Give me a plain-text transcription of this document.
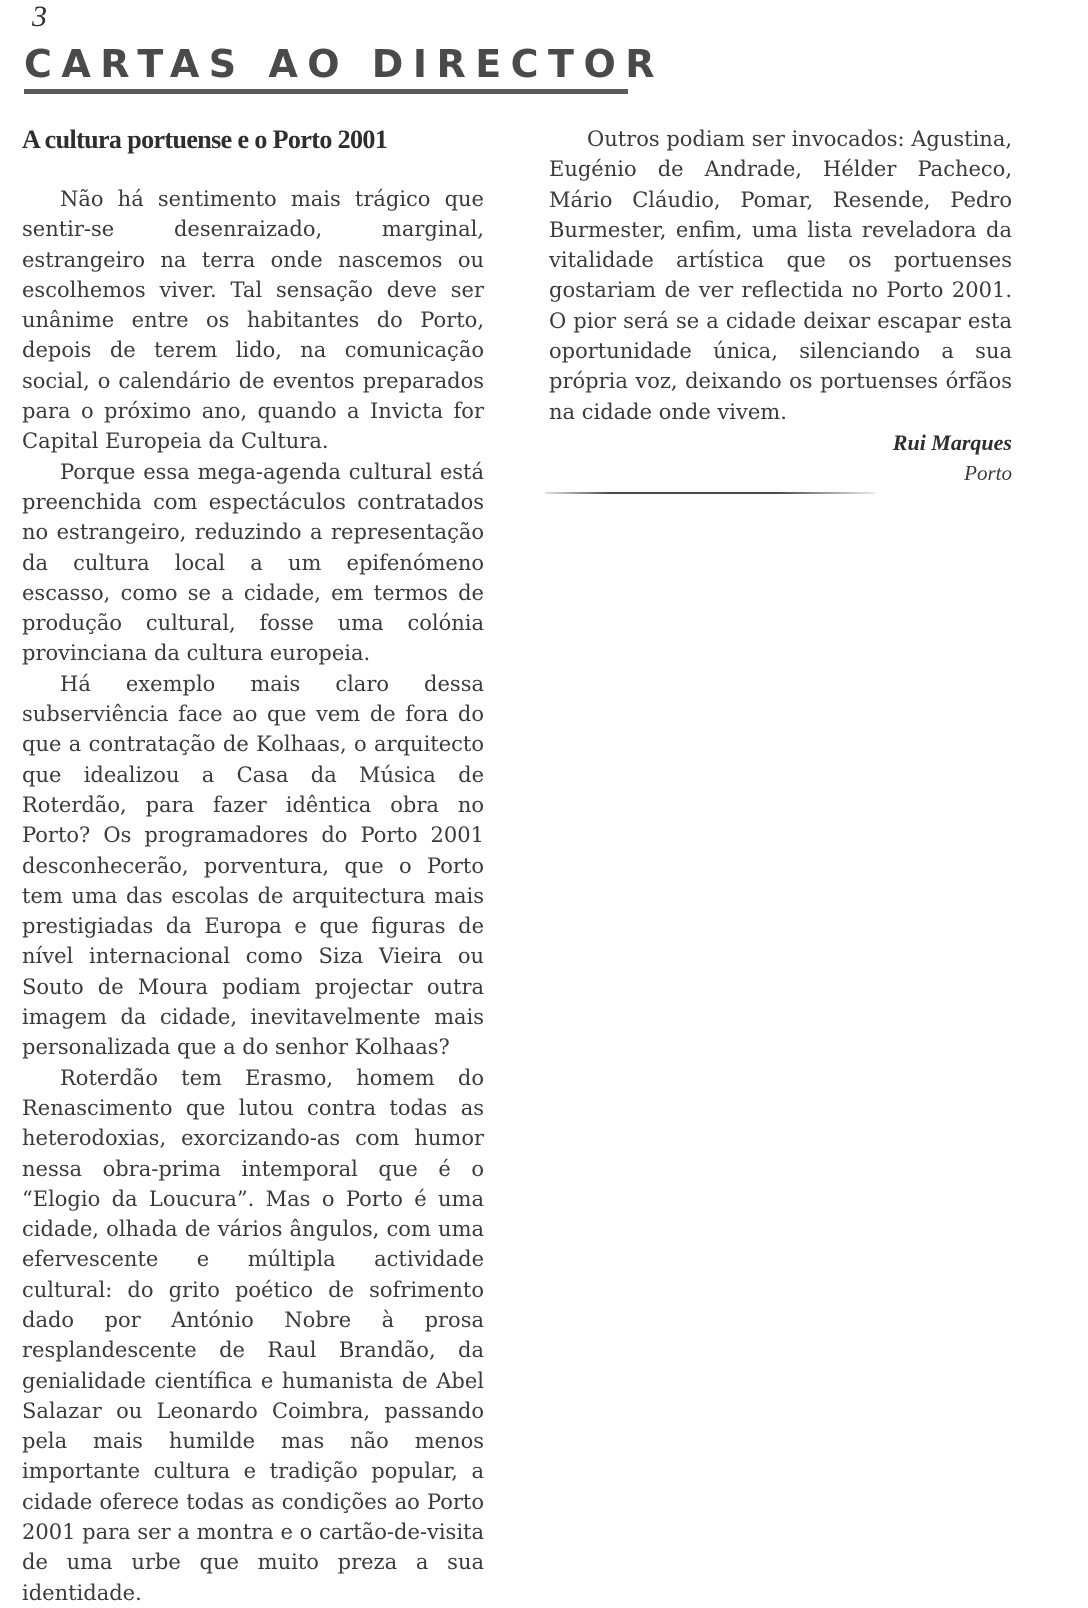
3
CARTAS AO DIRECTOR
A cultura portuense e o Porto 2001

Não há sentimento mais trágico que sentir-se desenraizado, marginal, estrangeiro na terra onde nascemos ou escolhemos viver. Tal sensação deve ser unânime entre os habitantes do Porto, depois de terem lido, na comunicação social, o calendário de eventos preparados para o próximo ano, quando a Invicta for Capital Europeia da Cultura.

Porque essa mega-agenda cultural está preenchida com espectáculos contratados no estrangeiro, reduzindo a representação da cultura local a um epifenómeno escasso, como se a cidade, em termos de produção cultural, fosse uma colónia provinciana da cultura europeia.

Há exemplo mais claro dessa subserviência face ao que vem de fora do que a contratação de Kolhaas, o arquitecto que idealizou a Casa da Música de Roterdão, para fazer idêntica obra no Porto? Os programadores do Porto 2001 desconhecerão, porventura, que o Porto tem uma das escolas de arquitectura mais prestigiadas da Europa e que figuras de nível internacional como Siza Vieira ou Souto de Moura podiam projectar outra imagem da cidade, inevitavelmente mais personalizada que a do senhor Kolhaas?

Roterdão tem Erasmo, homem do Renascimento que lutou contra todas as heterodoxias, exorcizando-as com humor nessa obra-prima intemporal que é o “Elogio da Loucura”. Mas o Porto é uma cidade, olhada de vários ângulos, com uma efervescente e múltipla actividade cultural: do grito poético de sofrimento dado por António Nobre à prosa resplandescente de Raul Brandão, da genialidade científica e humanista de Abel Salazar ou Leonardo Coimbra, passando pela mais humilde mas não menos importante cultura e tradição popular, a cidade oferece todas as condições ao Porto 2001 para ser a montra e o cartão-de-visita de uma urbe que muito preza a sua identidade.

Outros podiam ser invocados: Agustina, Eugénio de Andrade, Hélder Pacheco, Mário Cláudio, Pomar, Resende, Pedro Burmester, enfim, uma lista reveladora da vitalidade artística que os portuenses gostariam de ver reflectida no Porto 2001. O pior será se a cidade deixar escapar esta oportunidade única, silenciando a sua própria voz, deixando os portuenses órfãos na cidade onde vivem.

Rui Marques
Porto
